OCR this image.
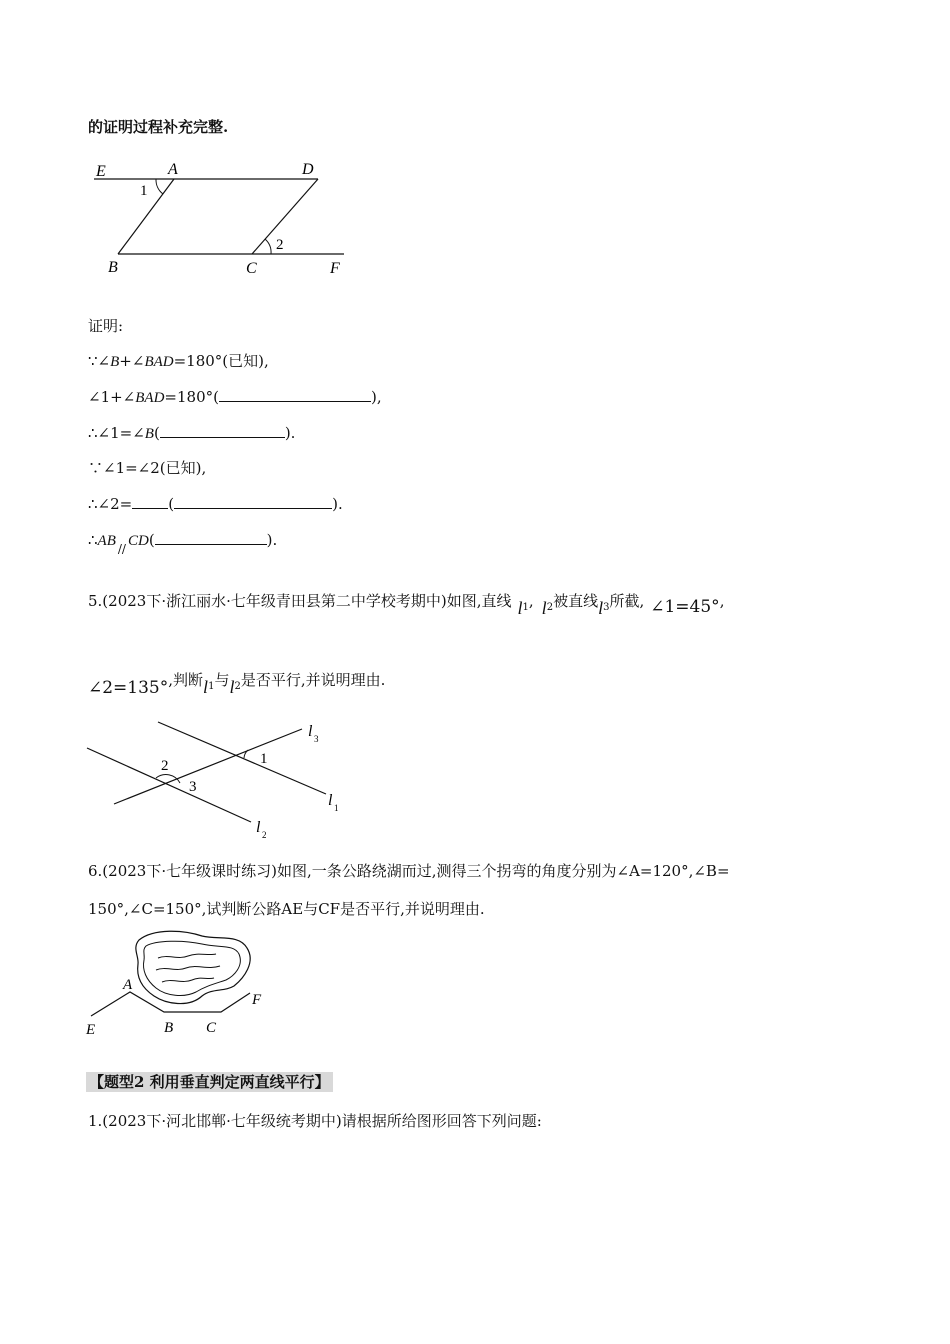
的证明过程补充完整.
E	A	D
1
2
B	C	F
证明:
∵∠B+∠BAD=180°(已知),
∠1+∠BAD=180°(	),
∴∠1=∠B(	).
∵∠1=∠2(已知),
∴∠2= (	).
∴AB $_{//}$ CD(	).
5.(2023下·浙江丽水·七年级青田县第二中学校考期中)如图,直线 $l_1$, $l_2$被直线$l_3$所截, ∠1=45°,
∠2=135°,判断$l_1$与$l_2$是否平行,并说明理由.
l 3
1
2
3
l 1
l 2
6.(2023下·七年级课时练习)如图,一条公路绕湖而过,测得三个拐弯的角度分别为∠A=120°,∠B=
150°,∠C=150°,试判断公路AE与CF是否平行,并说明理由.
A
E	B C
F
【题型2 利用垂直判定两直线平行】
1.(2023下·河北邯郸·七年级统考期中)请根据所给图形回答下列问题:
